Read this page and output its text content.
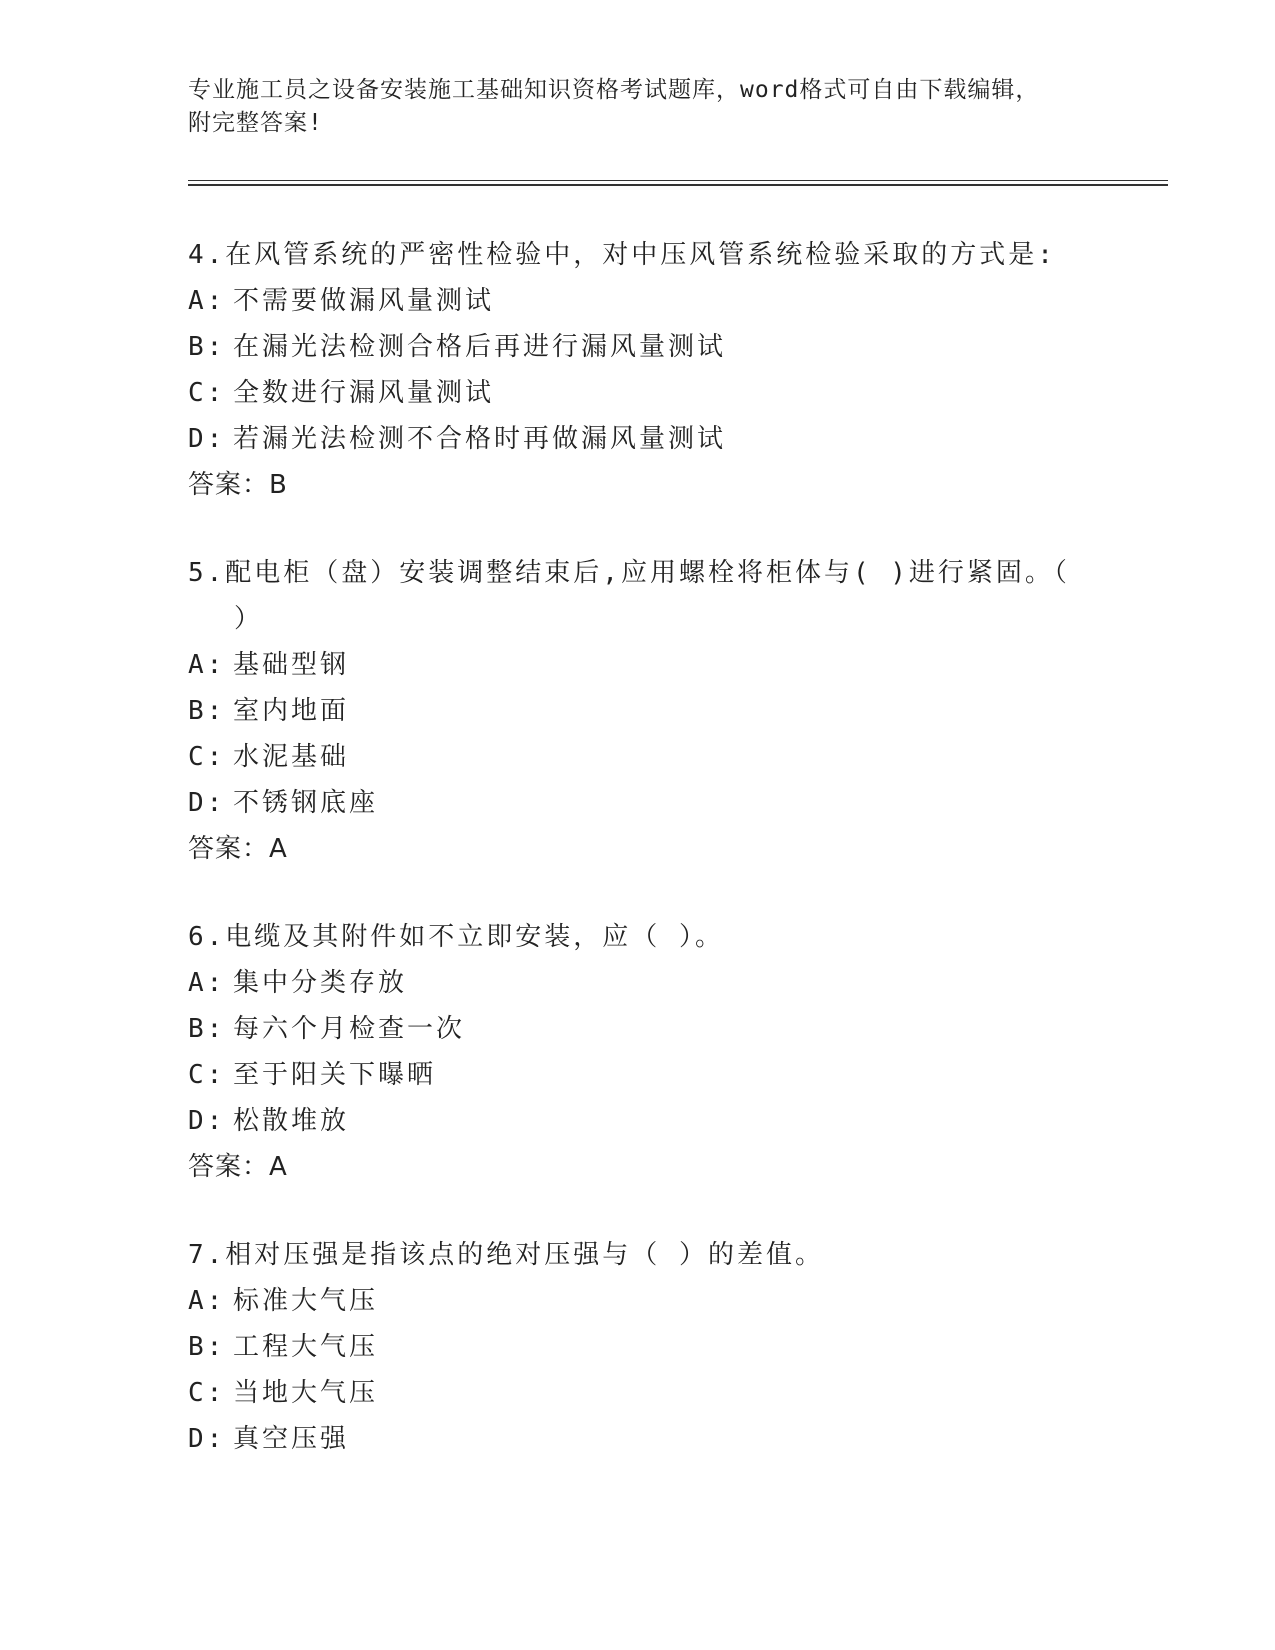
专业施工员之设备安装施工基础知识资格考试题库，word格式可自由下载编辑，
附完整答案!
4.在风管系统的严密性检验中，对中压风管系统检验采取的方式是:
A: 不需要做漏风量测试
B: 在漏光法检测合格后再进行漏风量测试
C: 全数进行漏风量测试
D: 若漏光法检测不合格时再做漏风量测试
答案：B
5.配电柜（盘）安装调整结束后,应用螺栓将柜体与( )进行紧固。（
）
A: 基础型钢
B: 室内地面
C: 水泥基础
D: 不锈钢底座
答案：A
6.电缆及其附件如不立即安装，应（ ）。
A: 集中分类存放
B: 每六个月检查一次
C: 至于阳关下曝晒
D: 松散堆放
答案：A
7.相对压强是指该点的绝对压强与（ ）的差值。
A: 标准大气压
B: 工程大气压
C: 当地大气压
D: 真空压强
